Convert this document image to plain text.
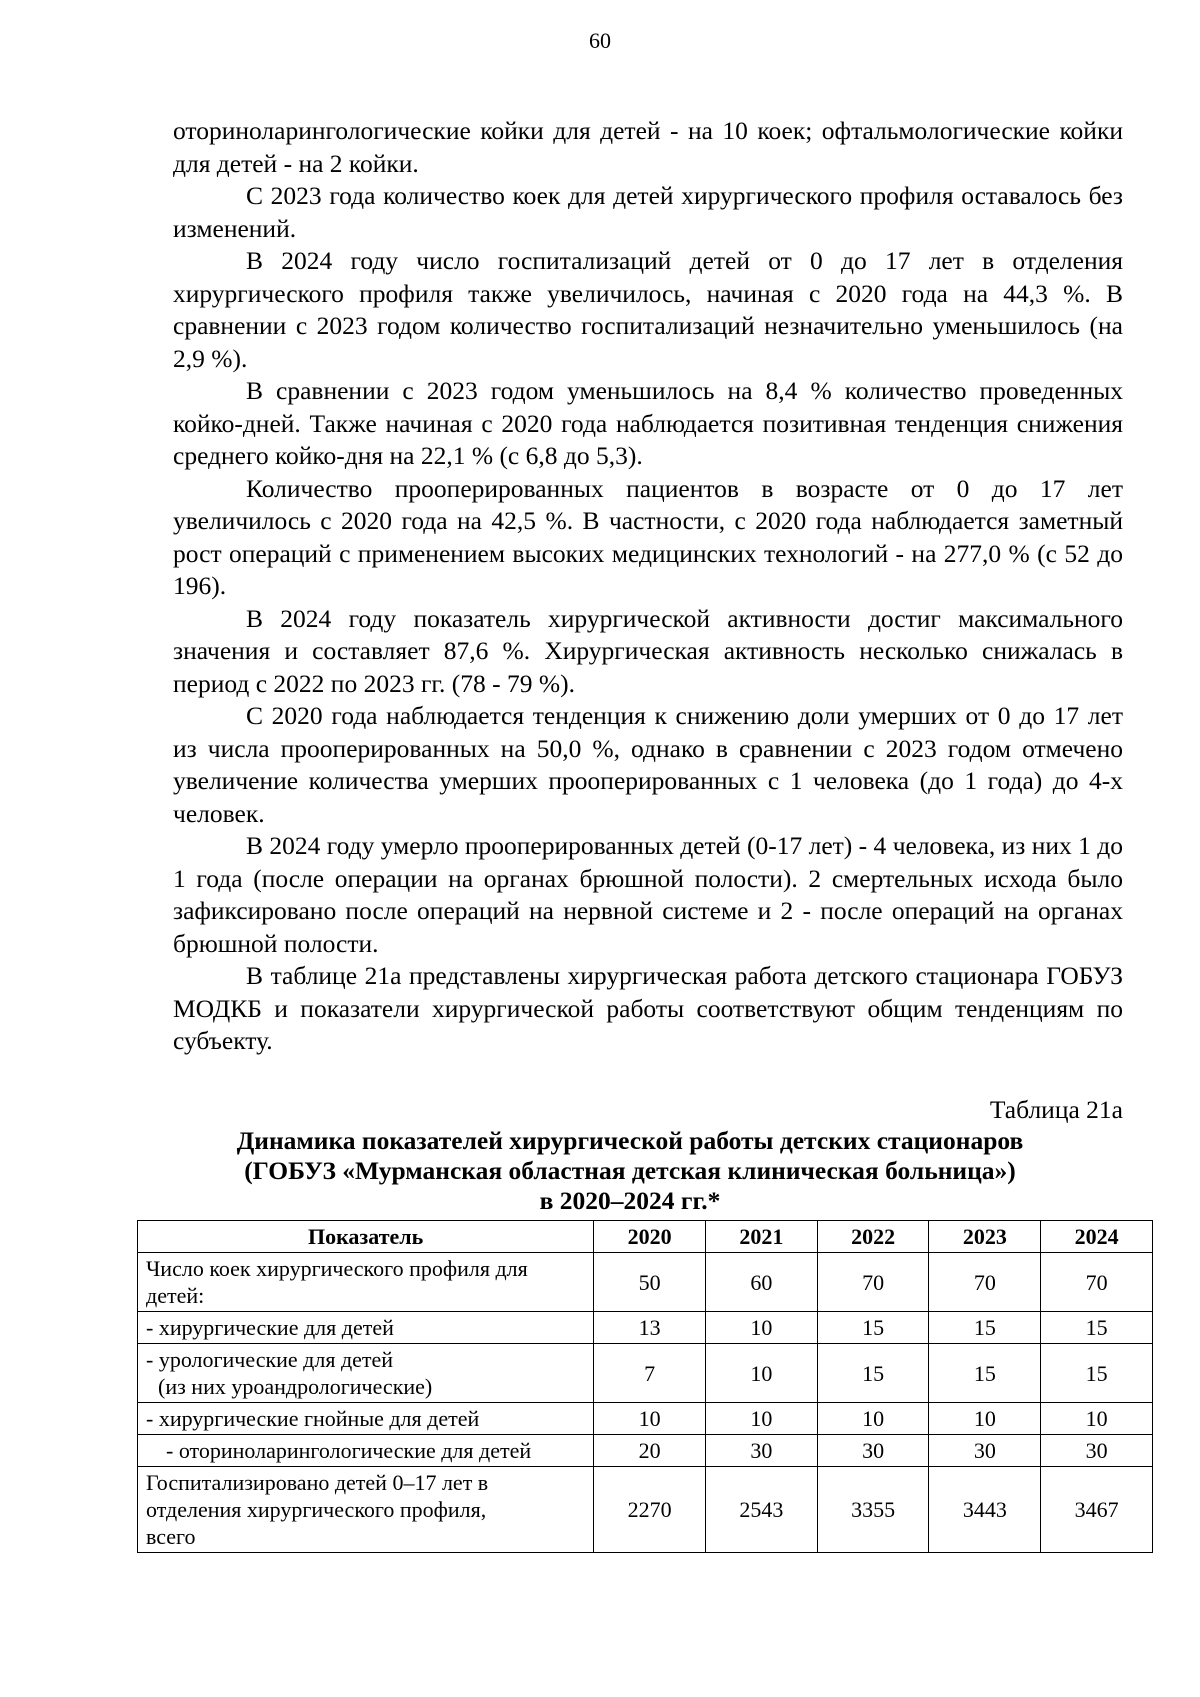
60

оториноларингологические койки для детей - на 10 коек; офтальмологические койки для детей - на 2 койки.

С 2023 года количество коек для детей хирургического профиля оставалось без изменений.

В 2024 году число госпитализаций детей от 0 до 17 лет в отделения хирургического профиля также увеличилось, начиная с 2020 года на 44,3 %. В сравнении с 2023 годом количество госпитализаций незначительно уменьшилось (на 2,9 %).

В сравнении с 2023 годом уменьшилось на 8,4 % количество проведенных койко-дней. Также начиная с 2020 года наблюдается позитивная тенденция снижения среднего койко-дня на 22,1 % (с 6,8 до 5,3).

Количество прооперированных пациентов в возрасте от 0 до 17 лет увеличилось с 2020 года на 42,5 %. В частности, с 2020 года наблюдается заметный рост операций с применением высоких медицинских технологий - на 277,0 % (с 52 до 196).

В 2024 году показатель хирургической активности достиг максимального значения и составляет 87,6 %. Хирургическая активность несколько снижалась в период с 2022 по 2023 гг. (78 - 79 %).

С 2020 года наблюдается тенденция к снижению доли умерших от 0 до 17 лет из числа прооперированных на 50,0 %, однако в сравнении с 2023 годом отмечено увеличение количества умерших прооперированных с 1 человека (до 1 года) до 4-х человек.

В 2024 году умерло прооперированных детей (0-17 лет) - 4 человека, из них 1 до 1 года (после операции на органах брюшной полости). 2 смертельных исхода было зафиксировано после операций на нервной системе и 2 - после операций на органах брюшной полости.

В таблице 21а представлены хирургическая работа детского стационара ГОБУЗ МОДКБ и показатели хирургической работы соответствуют общим тенденциям по субъекту.

Таблица 21а
Динамика показателей хирургической работы детских стационаров
(ГОБУЗ «Мурманская областная детская клиническая больница»)
в 2020–2024 гг.*
Показатель	2020	2021	2022	2023	2024

Число коек хирургического профиля для
детей:	50	60	70	70	70

- хирургические для детей	13	10	15	15	15

- урологические для детей
(из них уроандрологические)	7	10	15	15	15

- хирургические гнойные для детей	10	10	10	10	10

- оториноларингологические для детей	20	30	30	30	30

Госпитализировано детей 0–17 лет в
отделения хирургического профиля,
всего	2270	2543	3355	3443	3467
